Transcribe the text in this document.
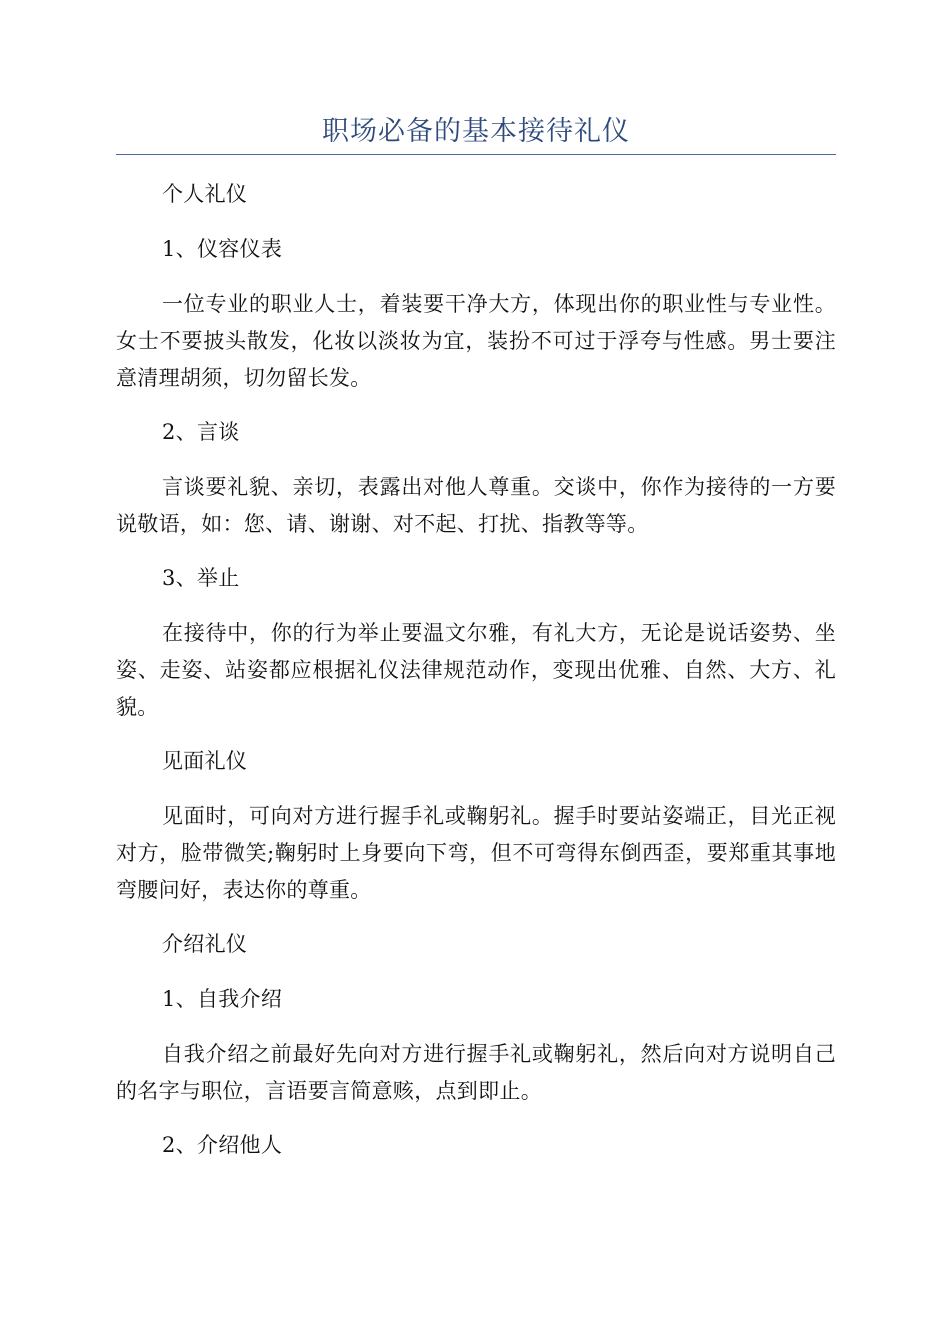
职场必备的基本接待礼仪

个人礼仪

1、仪容仪表

一位专业的职业人士，着装要干净大方，体现出你的职业性与专业性。女士不要披头散发，化妆以淡妆为宜，装扮不可过于浮夸与性感。男士要注意清理胡须，切勿留长发。

2、言谈

言谈要礼貌、亲切，表露出对他人尊重。交谈中，你作为接待的一方要说敬语，如：您、请、谢谢、对不起、打扰、指教等等。

3、举止

在接待中，你的行为举止要温文尔雅，有礼大方，无论是说话姿势、坐姿、走姿、站姿都应根据礼仪法律规范动作，变现出优雅、自然、大方、礼貌。

见面礼仪

见面时，可向对方进行握手礼或鞠躬礼。握手时要站姿端正，目光正视对方，脸带微笑;鞠躬时上身要向下弯，但不可弯得东倒西歪，要郑重其事地弯腰问好，表达你的尊重。

介绍礼仪

1、自我介绍

自我介绍之前最好先向对方进行握手礼或鞠躬礼，然后向对方说明自己的名字与职位，言语要言简意赅，点到即止。

2、介绍他人
